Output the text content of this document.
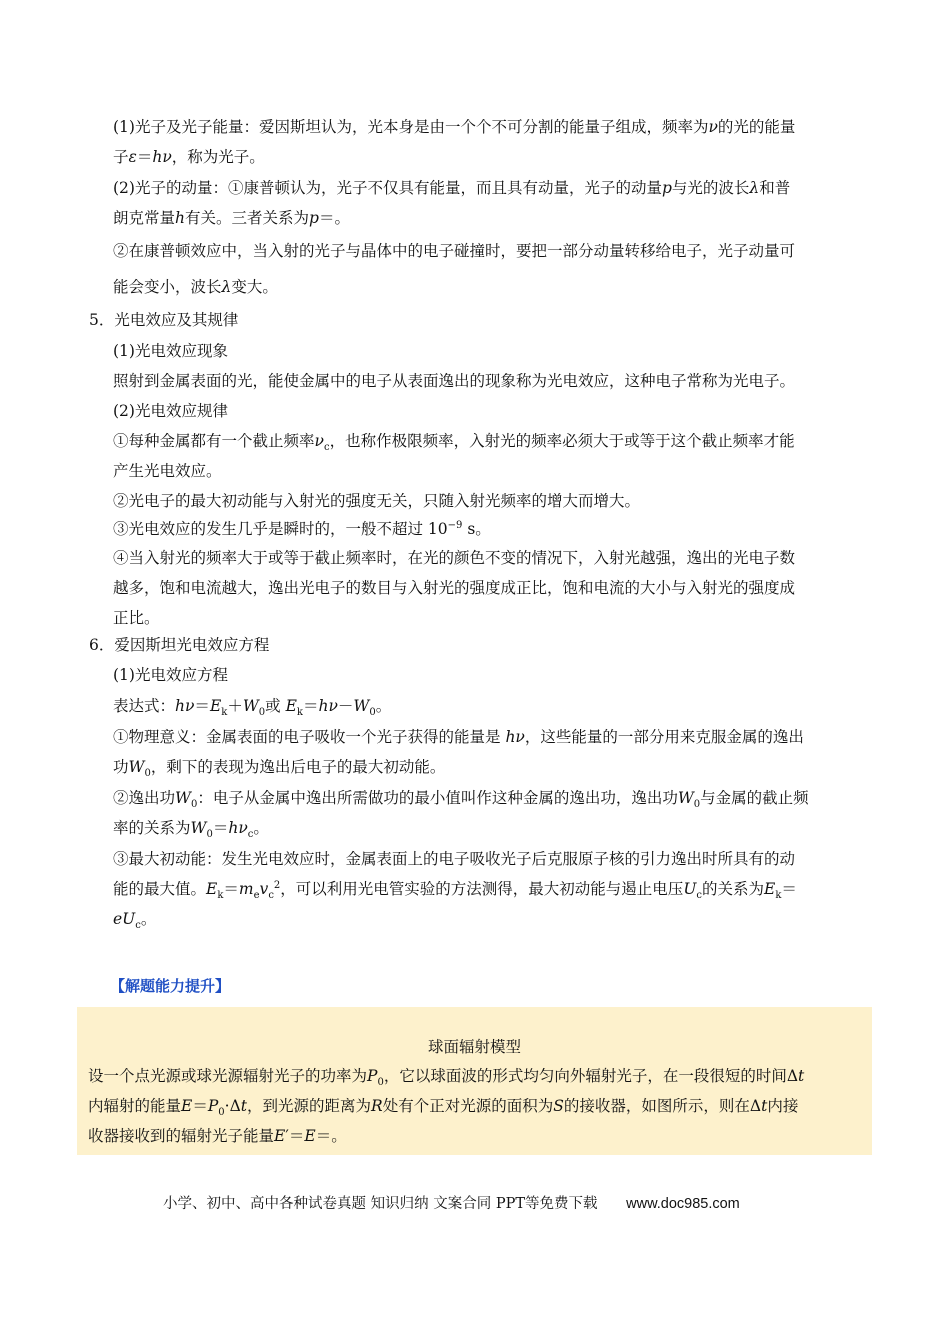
(1)光子及光子能量：爱因斯坦认为，光本身是由一个个不可分割的能量子组成，频率为ν的光的能量
子ε＝hν，称为光子。
(2)光子的动量：①康普顿认为，光子不仅具有能量，而且具有动量，光子的动量p与光的波长λ和普
朗克常量h有关。三者关系为p＝。
②在康普顿效应中，当入射的光子与晶体中的电子碰撞时，要把一部分动量转移给电子，光子动量可
能会变小，波长λ变大。
5．光电效应及其规律
(1)光电效应现象
照射到金属表面的光，能使金属中的电子从表面逸出的现象称为光电效应，这种电子常称为光电子。
(2)光电效应规律
①每种金属都有一个截止频率$\nu_c$，也称作极限频率，入射光的频率必须大于或等于这个截止频率才能
产生光电效应。
②光电子的最大初动能与入射光的强度无关，只随入射光频率的增大而增大。
③光电效应的发生几乎是瞬时的，一般不超过 $10^{-9}$ s。
④当入射光的频率大于或等于截止频率时，在光的颜色不变的情况下，入射光越强，逸出的光电子数
越多，饱和电流越大，逸出光电子的数目与入射光的强度成正比，饱和电流的大小与入射光的强度成
正比。
6．爱因斯坦光电效应方程
(1)光电效应方程
表达式：$h\nu=E_k+W_0$或 $E_k=h\nu-W_0$。
①物理意义：金属表面的电子吸收一个光子获得的能量是 hν，这些能量的一部分用来克服金属的逸出
功$W_0$，剩下的表现为逸出后电子的最大初动能。
②逸出功$W_0$：电子从金属中逸出所需做功的最小值叫作这种金属的逸出功，逸出功$W_0$与金属的截止频
率的关系为$W_0=h\nu_c$。
③最大初动能：发生光电效应时，金属表面上的电子吸收光子后克服原子核的引力逸出时所具有的动
能的最大值。$E_k=m_ev_c^2$，可以利用光电管实验的方法测得，最大初动能与遏止电压$U_c$的关系为$E_k=$
$eU_c$。
【解题能力提升】
球面辐射模型
设一个点光源或球光源辐射光子的功率为$P_0$，它以球面波的形式均匀向外辐射光子，在一段很短的时间Δt
内辐射的能量$E=P_0\cdot\Delta t$，到光源的距离为R处有个正对光源的面积为S的接收器，如图所示，则在Δt内接
收器接收到的辐射光子能量E′＝E＝。
小学、初中、高中各种试卷真题 知识归纳 文案合同 PPT等免费下载 www.doc985.com
